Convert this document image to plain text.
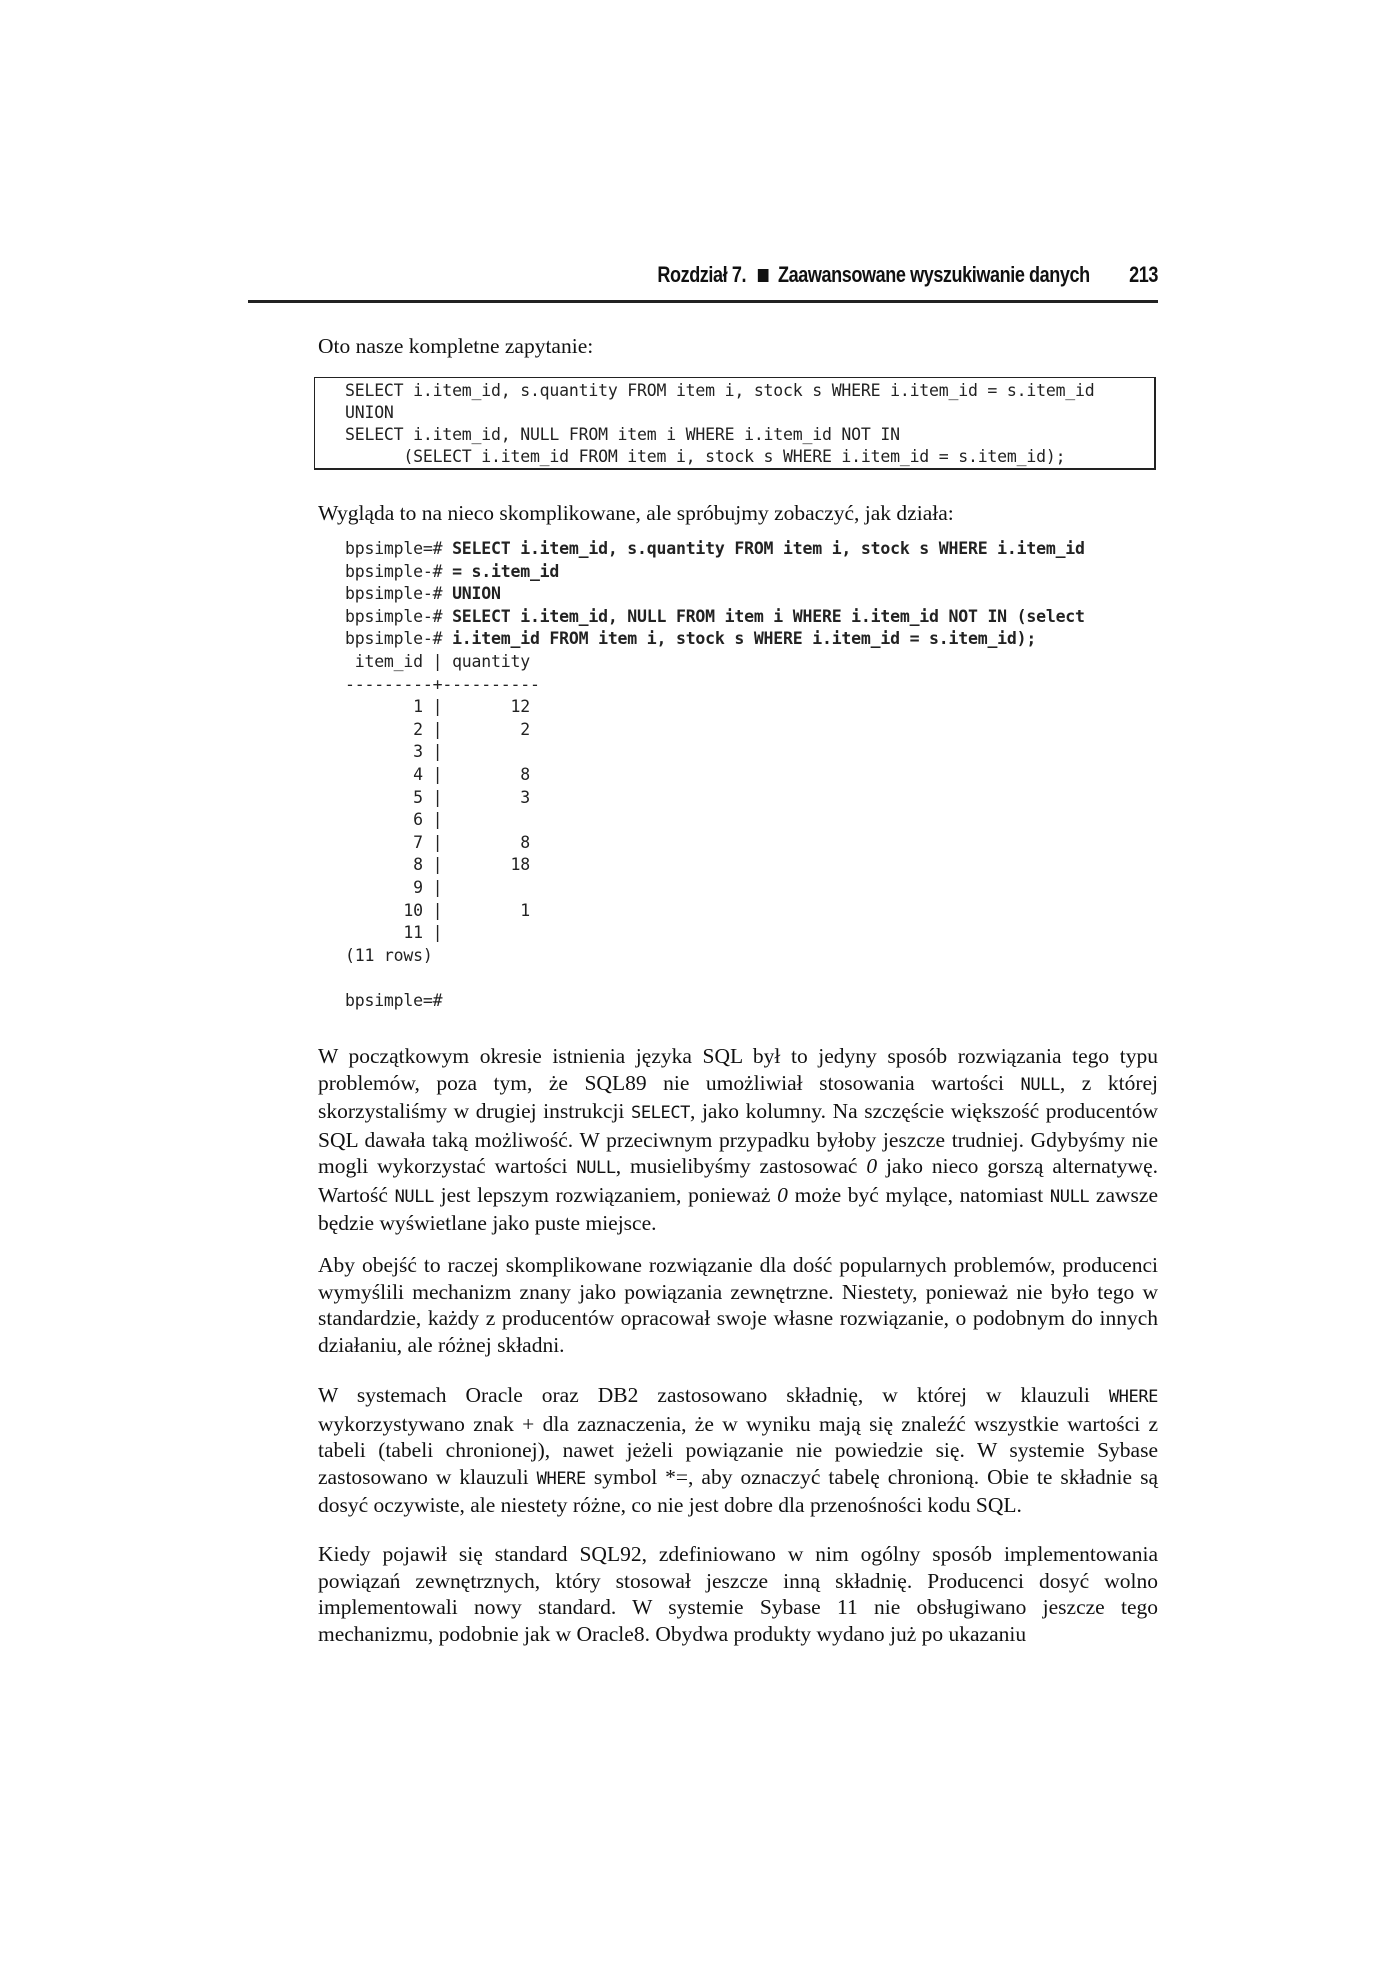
Rozdział 7. Zaawansowane wyszukiwanie danych 213

Oto nasze kompletne zapytanie:

SELECT i.item_id, s.quantity FROM item i, stock s WHERE i.item_id = s.item_id
UNION
SELECT i.item_id, NULL FROM item i WHERE i.item_id NOT IN
(SELECT i.item_id FROM item i, stock s WHERE i.item_id = s.item_id);

Wygląda to na nieco skomplikowane, ale spróbujmy zobaczyć, jak działa:

bpsimple=# SELECT i.item_id, s.quantity FROM item i, stock s WHERE i.item_id
bpsimple-# = s.item_id
bpsimple-# UNION
bpsimple-# SELECT i.item_id, NULL FROM item i WHERE i.item_id NOT IN (select
bpsimple-# i.item_id FROM item i, stock s WHERE i.item_id = s.item_id);
item_id | quantity
---------+----------
1 |       12
2 |        2
3 |
4 |        8
5 |        3
6 |
7 |        8
8 |       18
9 |
10 |        1
11 |
(11 rows)

bpsimple=#

W początkowym okresie istnienia języka SQL był to jedyny sposób rozwiązania tego typu problemów, poza tym, że SQL89 nie umożliwiał stosowania wartości NULL, z której skorzystaliśmy w drugiej instrukcji SELECT, jako kolumny. Na szczęście większość producentów SQL dawała taką możliwość. W przeciwnym przypadku byłoby jeszcze trudniej. Gdybyśmy nie mogli wykorzystać wartości NULL, musielibyśmy zastosować 0 jako nieco gorszą alternatywę. Wartość NULL jest lepszym rozwiązaniem, ponieważ 0 może być mylące, natomiast NULL zawsze będzie wyświetlane jako puste miejsce.

Aby obejść to raczej skomplikowane rozwiązanie dla dość popularnych problemów, producenci wymyślili mechanizm znany jako powiązania zewnętrzne. Niestety, ponieważ nie było tego w standardzie, każdy z producentów opracował swoje własne rozwiązanie, o podobnym do innych działaniu, ale różnej składni.

W systemach Oracle oraz DB2 zastosowano składnię, w której w klauzuli WHERE wykorzystywano znak + dla zaznaczenia, że w wyniku mają się znaleźć wszystkie wartości z tabeli (tabeli chronionej), nawet jeżeli powiązanie nie powiedzie się. W systemie Sybase zastosowano w klauzuli WHERE symbol *=, aby oznaczyć tabelę chronioną. Obie te składnie są dosyć oczywiste, ale niestety różne, co nie jest dobre dla przenośności kodu SQL.

Kiedy pojawił się standard SQL92, zdefiniowano w nim ogólny sposób implementowania powiązań zewnętrznych, który stosował jeszcze inną składnię. Producenci dosyć wolno implementowali nowy standard. W systemie Sybase 11 nie obsługiwano jeszcze tego mechanizmu, podobnie jak w Oracle8. Obydwa produkty wydano już po ukazaniu
